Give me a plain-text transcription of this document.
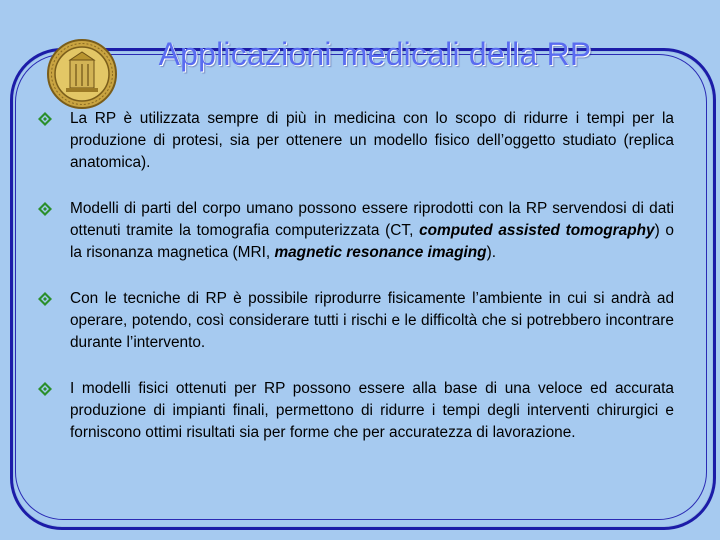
Applicazioni medicali della RP
La RP è utilizzata sempre di più in medicina con lo scopo di ridurre i tempi per la produzione di protesi, sia per ottenere un modello fisico dell’oggetto studiato (replica anatomica).
Modelli di parti del corpo umano possono essere riprodotti con la RP servendosi di dati ottenuti tramite la tomografia computerizzata (CT, computed assisted tomography) o la risonanza magnetica (MRI, magnetic resonance imaging).
Con le tecniche di RP è possibile riprodurre fisicamente l’ambiente in cui si andrà ad operare, potendo, così considerare tutti i rischi e le difficoltà che si potrebbero incontrare durante l’intervento.
I modelli fisici ottenuti per RP possono essere alla base di una veloce ed accurata produzione di impianti finali, permettono di ridurre i tempi degli interventi chirurgici e forniscono ottimi risultati sia per forme che per accuratezza di lavorazione.
